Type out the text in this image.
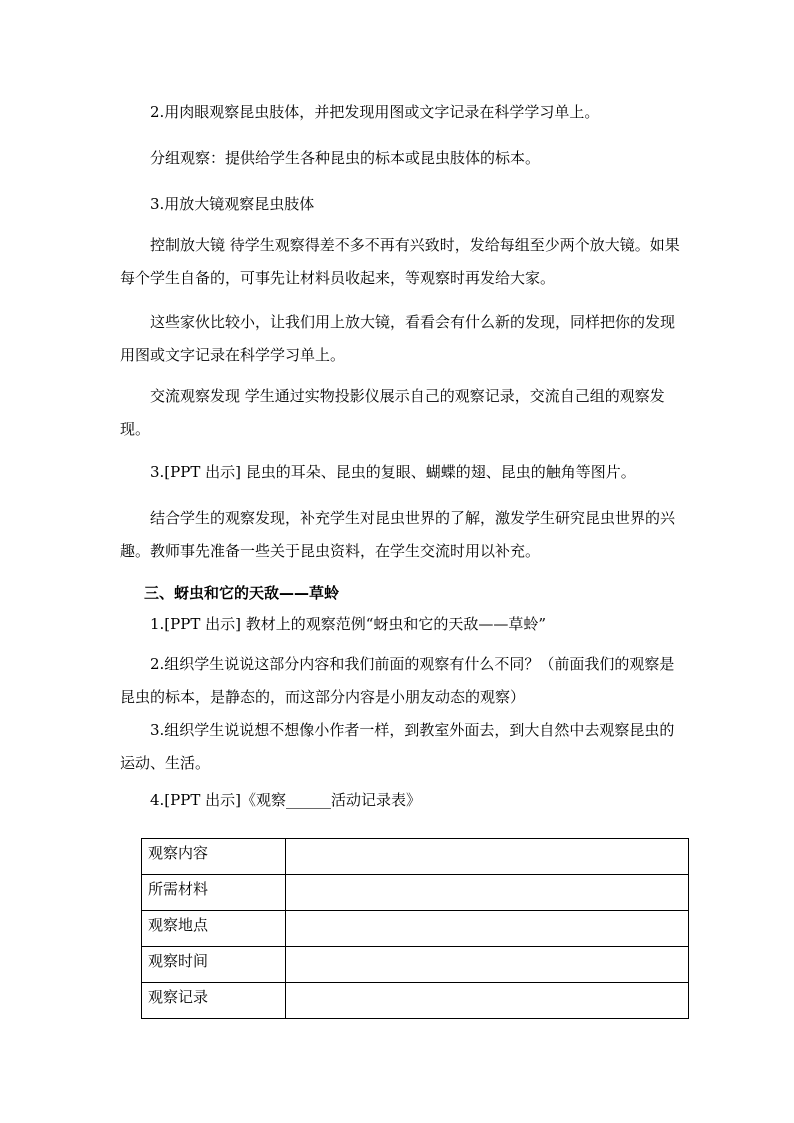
2.用肉眼观察昆虫肢体，并把发现用图或文字记录在科学学习单上。

分组观察：提供给学生各种昆虫的标本或昆虫肢体的标本。

3.用放大镜观察昆虫肢体

控制放大镜 待学生观察得差不多不再有兴致时，发给每组至少两个放大镜。如果每个学生自备的，可事先让材料员收起来，等观察时再发给大家。

这些家伙比较小，让我们用上放大镜，看看会有什么新的发现，同样把你的发现用图或文字记录在科学学习单上。

交流观察发现 学生通过实物投影仪展示自己的观察记录，交流自己组的观察发现。

3.[PPT 出示] 昆虫的耳朵、昆虫的复眼、蝴蝶的翅、昆虫的触角等图片。

结合学生的观察发现，补充学生对昆虫世界的了解，激发学生研究昆虫世界的兴趣。教师事先准备一些关于昆虫资料，在学生交流时用以补充。

三、蚜虫和它的天敌——草蛉

1.[PPT 出示] 教材上的观察范例“蚜虫和它的天敌——草蛉”

2.组织学生说说这部分内容和我们前面的观察有什么不同？（前面我们的观察是昆虫的标本，是静态的，而这部分内容是小朋友动态的观察）

3.组织学生说说想不想像小作者一样，到教室外面去，到大自然中去观察昆虫的运动、生活。

4.[PPT 出示]《观察______活动记录表》

观察内容	
所需材料	
观察地点	
观察时间	
观察记录	
